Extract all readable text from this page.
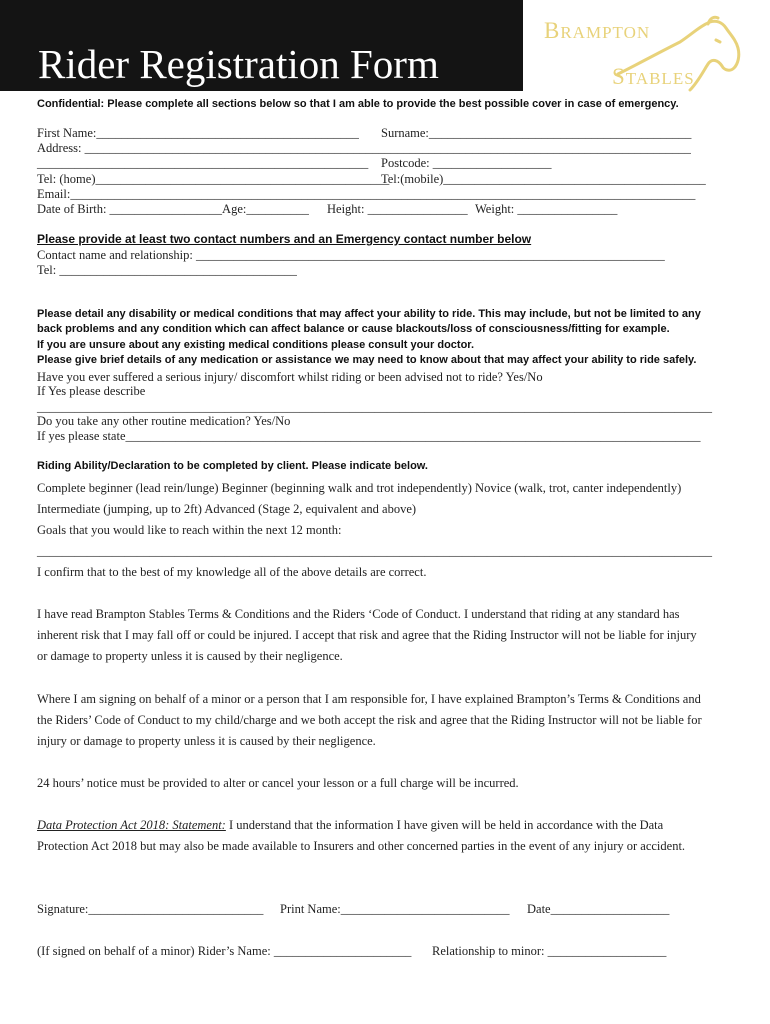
Rider Registration Form
BRAMPTON
STABLES
Confidential: Please complete all sections below so that I am able to provide the best possible cover in case of emergency.
First Name:__________________________________________ Surname:__________________________________________
Address: _________________________________________________________________________________________________
_____________________________________________________ Postcode: ___________________
Tel: (home)_______________________________________________
Tel:(mobile)__________________________________________
Email:____________________________________________________________________________________________________
Date of Birth: __________________Age:__________ Height: ________________ Weight: ________________
Please provide at least two contact numbers and an Emergency contact number below
Contact name and relationship: ___________________________________________________________________________
Tel: ______________________________________
Please detail any disability or medical conditions that may affect your ability to ride. This may include, but not be limited to any
back problems and any condition which can affect balance or cause blackouts/loss of consciousness/fitting for example.
If you are unsure about any existing medical conditions please consult your doctor.
Please give brief details of any medication or assistance we may need to know about that may affect your ability to ride safely.
Have you ever suffered a serious injury/ discomfort whilst riding or been advised not to ride? Yes/No
If Yes please describe
____________________________________________________________________________________________________________
Do you take any other routine medication? Yes/No
If yes please state____________________________________________________________________________________________
Riding Ability/Declaration to be completed by client. Please indicate below.
Complete beginner (lead rein/lunge) Beginner (beginning walk and trot independently) Novice (walk, trot, canter independently)
Intermediate (jumping, up to 2ft) Advanced (Stage 2, equivalent and above)
Goals that you would like to reach within the next 12 month:
____________________________________________________________________________________________________________
I confirm that to the best of my knowledge all of the above details are correct.
I have read Brampton Stables Terms & Conditions and the Riders ‘Code of Conduct. I understand that riding at any standard has
inherent risk that I may fall off or could be injured. I accept that risk and agree that the Riding Instructor will not be liable for injury
or damage to property unless it is caused by their negligence.
Where I am signing on behalf of a minor or a person that I am responsible for, I have explained Brampton’s Terms & Conditions and
the Riders’ Code of Conduct to my child/charge and we both accept the risk and agree that the Riding Instructor will not be liable for
injury or damage to property unless it is caused by their negligence.
24 hours’ notice must be provided to alter or cancel your lesson or a full charge will be incurred.
Data Protection Act 2018: Statement: I understand that the information I have given will be held in accordance with the Data
Protection Act 2018 but may also be made available to Insurers and other concerned parties in the event of any injury or accident.
Signature:____________________________ Print Name:___________________________ Date___________________
(If signed on behalf of a minor) Rider’s Name: ______________________ Relationship to minor: ___________________
